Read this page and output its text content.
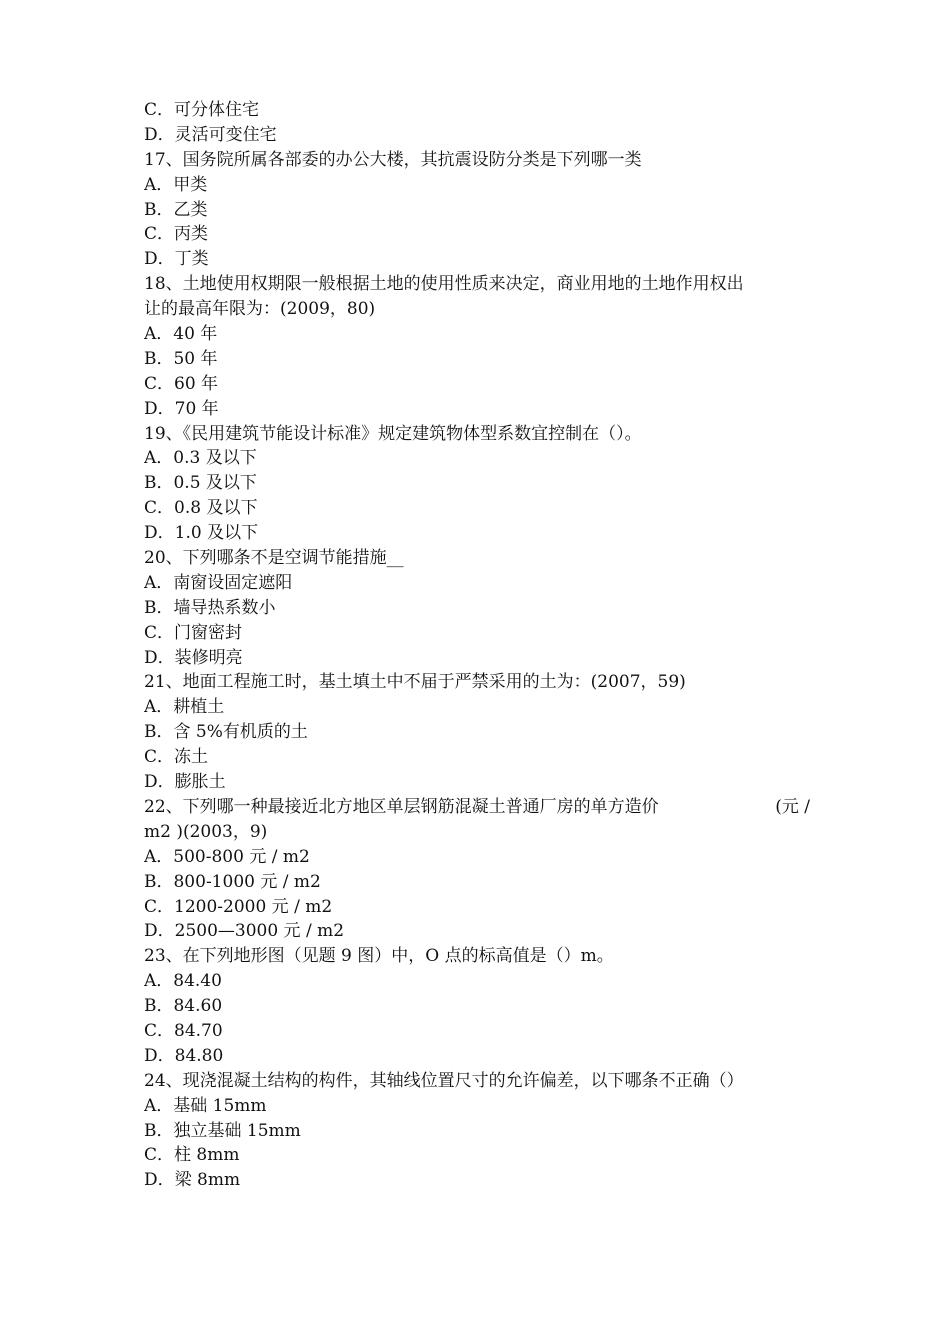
C．可分体住宅
D．灵活可变住宅
17、国务院所属各部委的办公大楼，其抗震设防分类是下列哪一类
A．甲类
B．乙类
C．丙类
D．丁类
18、土地使用权期限一般根据土地的使用性质来决定，商业用地的土地作用权出
让的最高年限为：(2009，80)
A．40 年
B．50 年
C．60 年
D．70 年
19、《民用建筑节能设计标准》规定建筑物体型系数宜控制在（）。
A．0.3 及以下
B．0.5 及以下
C．0.8 及以下
D．1.0 及以下
20、下列哪条不是空调节能措施__
A．南窗设固定遮阳
B．墙导热系数小
C．门窗密封
D．装修明亮
21、地面工程施工时，基土填土中不届于严禁采用的土为：(2007，59)
A．耕植土
B．含 5%有机质的土
C．冻土
D．膨胀土
22、下列哪一种最接近北方地区单层钢筋混凝土普通厂房的单方造价	(元 /
m2 )(2003，9)
A．500-800 元 / m2
B．800-1000 元 / m2
C．1200-2000 元 / m2
D．2500—3000 元 / m2
23、在下列地形图（见题 9 图）中，O 点的标高值是（）m。
A．84.40
B．84.60
C．84.70
D．84.80
24、现浇混凝土结构的构件，其轴线位置尺寸的允许偏差，以下哪条不正确（）
A．基础 15mm
B．独立基础 15mm
C．柱 8mm
D．梁 8mm
